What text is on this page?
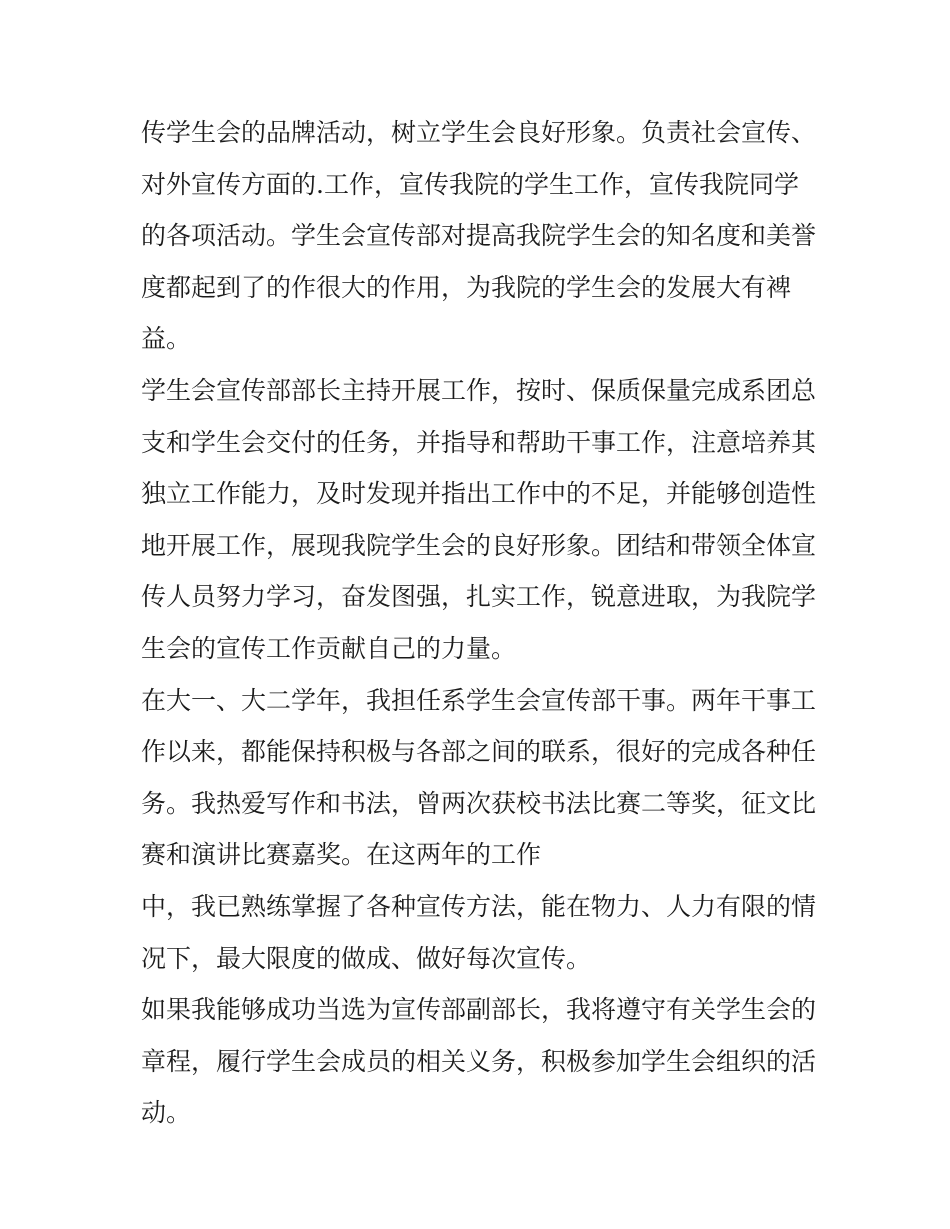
传学生会的品牌活动，树立学生会良好形象。负责社会宣传、
对外宣传方面的.工作，宣传我院的学生工作，宣传我院同学
的各项活动。学生会宣传部对提高我院学生会的知名度和美誉
度都起到了的作很大的作用，为我院的学生会的发展大有裨
益。
学生会宣传部部长主持开展工作，按时、保质保量完成系团总
支和学生会交付的任务，并指导和帮助干事工作，注意培养其
独立工作能力，及时发现并指出工作中的不足，并能够创造性
地开展工作，展现我院学生会的良好形象。团结和带领全体宣
传人员努力学习，奋发图强，扎实工作，锐意进取，为我院学
生会的宣传工作贡献自己的力量。
在大一、大二学年，我担任系学生会宣传部干事。两年干事工
作以来，都能保持积极与各部之间的联系，很好的完成各种任
务。我热爱写作和书法，曾两次获校书法比赛二等奖，征文比
赛和演讲比赛嘉奖。在这两年的工作
中，我已熟练掌握了各种宣传方法，能在物力、人力有限的情
况下，最大限度的做成、做好每次宣传。
如果我能够成功当选为宣传部副部长，我将遵守有关学生会的
章程，履行学生会成员的相关义务，积极参加学生会组织的活
动。
